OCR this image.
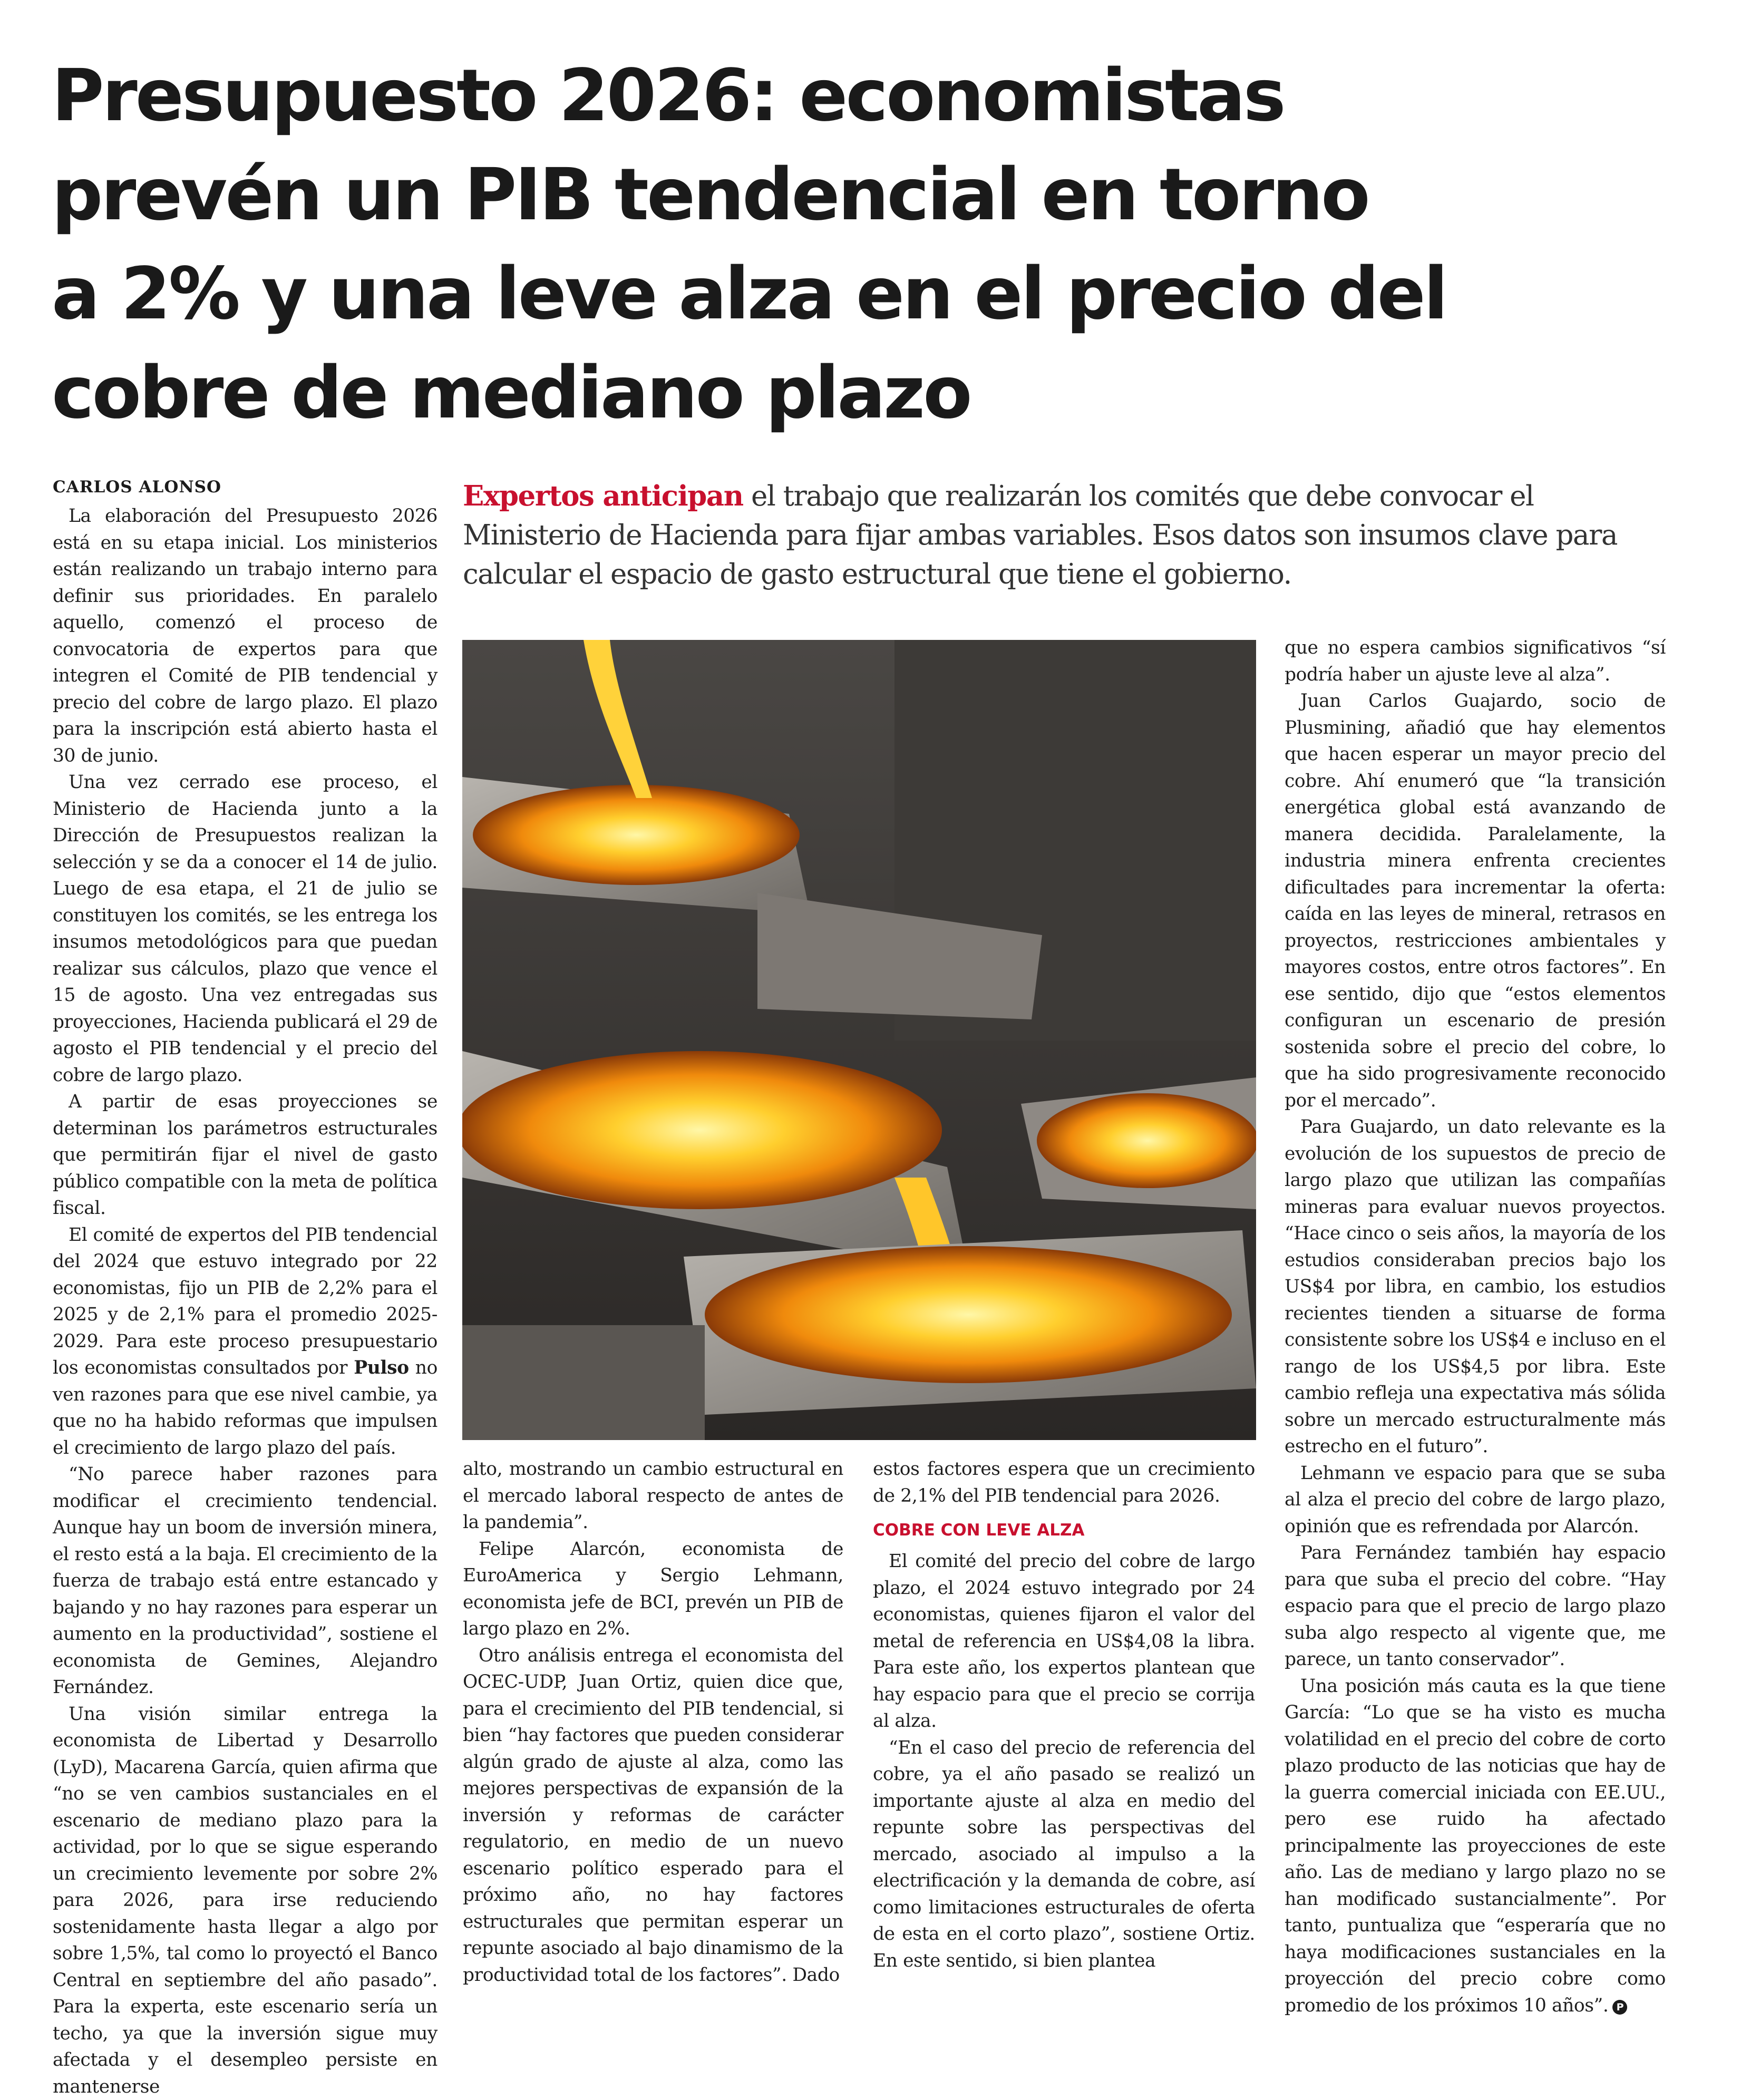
Presupuesto 2026: economistas
prevén un PIB tendencial en torno
a 2% y una leve alza en el precio del
cobre de mediano plazo
CARLOS ALONSO	Expertos anticipan el trabajo que realizarán los comités que debe convocar el Ministerio de Hacienda para fijar ambas variables. Esos datos son insumos clave para calcular el espacio de gasto estructural que tiene el gobierno.

La elaboración del Presupuesto 2026 está en su etapa inicial. Los ministerios están realizando un trabajo interno para definir sus prioridades. En paralelo aquello, comenzó el proceso de convocatoria de expertos para que integren el Comité de PIB tendencial y precio del cobre de largo plazo. El plazo para la inscripción está abierto hasta el 30 de junio.

Una vez cerrado ese proceso, el Ministerio de Hacienda junto a la Dirección de Presupuestos realizan la selección y se da a conocer el 14 de julio. Luego de esa etapa, el 21 de julio se constituyen los comités, se les entrega los insumos metodológicos para que puedan realizar sus cálculos, plazo que vence el 15 de agosto. Una vez entregadas sus proyecciones, Hacienda publicará el 29 de agosto el PIB tendencial y el precio del cobre de largo plazo.

A partir de esas proyecciones se determinan los parámetros estructurales que permitirán fijar el nivel de gasto público compatible con la meta de política fiscal.

El comité de expertos del PIB tendencial del 2024 que estuvo integrado por 22 economistas, fijo un PIB de 2,2% para el 2025 y de 2,1% para el promedio 2025-2029. Para este proceso presupuestario los economistas consultados por Pulso no ven razones para que ese nivel cambie, ya que no ha habido reformas que impulsen el crecimiento de largo plazo del país.

“No parece haber razones para modificar el crecimiento tendencial. Aunque hay un boom de inversión minera, el resto está a la baja. El crecimiento de la fuerza de trabajo está entre estancado y bajando y no hay razones para esperar un aumento en la productividad”, sostiene el economista de Gemines, Alejandro Fernández.

Una visión similar entrega la economista de Libertad y Desarrollo (LyD), Macarena García, quien afirma que “no se ven cambios sustanciales en el escenario de mediano plazo para la actividad, por lo que se sigue esperando un crecimiento levemente por sobre 2% para 2026, para irse reduciendo sostenidamente hasta llegar a algo por sobre 1,5%, tal como lo proyectó el Banco Central en septiembre del año pasado”. Para la experta, este escenario sería un techo, ya que la inversión sigue muy afectada y el desempleo persiste en mantenerse

alto, mostrando un cambio estructural en el mercado laboral respecto de antes de la pandemia”.

Felipe Alarcón, economista de EuroAmerica y Sergio Lehmann, economista jefe de BCI, prevén un PIB de largo plazo en 2%.

Otro análisis entrega el economista del OCEC-UDP, Juan Ortiz, quien dice que, para el crecimiento del PIB tendencial, si bien “hay factores que pueden considerar algún grado de ajuste al alza, como las mejores perspectivas de expansión de la inversión y reformas de carácter regulatorio, en medio de un nuevo escenario político esperado para el próximo año, no hay factores estructurales que permitan esperar un repunte asociado al bajo dinamismo de la productividad total de los factores”. Dado

estos factores espera que un crecimiento de 2,1% del PIB tendencial para 2026.

COBRE CON LEVE ALZA

El comité del precio del cobre de largo plazo, el 2024 estuvo integrado por 24 economistas, quienes fijaron el valor del metal de referencia en US$4,08 la libra. Para este año, los expertos plantean que hay espacio para que el precio se corrija al alza.

“En el caso del precio de referencia del cobre, ya el año pasado se realizó un importante ajuste al alza en medio del repunte sobre las perspectivas del mercado, asociado al impulso a la electrificación y la demanda de cobre, así como limitaciones estructurales de oferta de esta en el corto plazo”, sostiene Ortiz. En este sentido, si bien plantea

que no espera cambios significativos “sí podría haber un ajuste leve al alza”.

Juan Carlos Guajardo, socio de Plusmining, añadió que hay elementos que hacen esperar un mayor precio del cobre. Ahí enumeró que “la transición energética global está avanzando de manera decidida. Paralelamente, la industria minera enfrenta crecientes dificultades para incrementar la oferta: caída en las leyes de mineral, retrasos en proyectos, restricciones ambientales y mayores costos, entre otros factores”. En ese sentido, dijo que “estos elementos configuran un escenario de presión sostenida sobre el precio del cobre, lo que ha sido progresivamente reconocido por el mercado”.

Para Guajardo, un dato relevante es la evolución de los supuestos de precio de largo plazo que utilizan las compañías mineras para evaluar nuevos proyectos. “Hace cinco o seis años, la mayoría de los estudios consideraban precios bajo los US$4 por libra, en cambio, los estudios recientes tienden a situarse de forma consistente sobre los US$4 e incluso en el rango de los US$4,5 por libra. Este cambio refleja una expectativa más sólida sobre un mercado estructuralmente más estrecho en el futuro”.

Lehmann ve espacio para que se suba al alza el precio del cobre de largo plazo, opinión que es refrendada por Alarcón.

Para Fernández también hay espacio para que suba el precio del cobre. “Hay espacio para que el precio de largo plazo suba algo respecto al vigente que, me parece, un tanto conservador”.

Una posición más cauta es la que tiene García: “Lo que se ha visto es mucha volatilidad en el precio del cobre de corto plazo producto de las noticias que hay de la guerra comercial iniciada con EE.UU., pero ese ruido ha afectado principalmente las proyecciones de este año. Las de mediano y largo plazo no se han modificado sustancialmente”. Por tanto, puntualiza que “esperaría que no haya modificaciones sustanciales en la proyección del precio cobre como promedio de los próximos 10 años”. P
